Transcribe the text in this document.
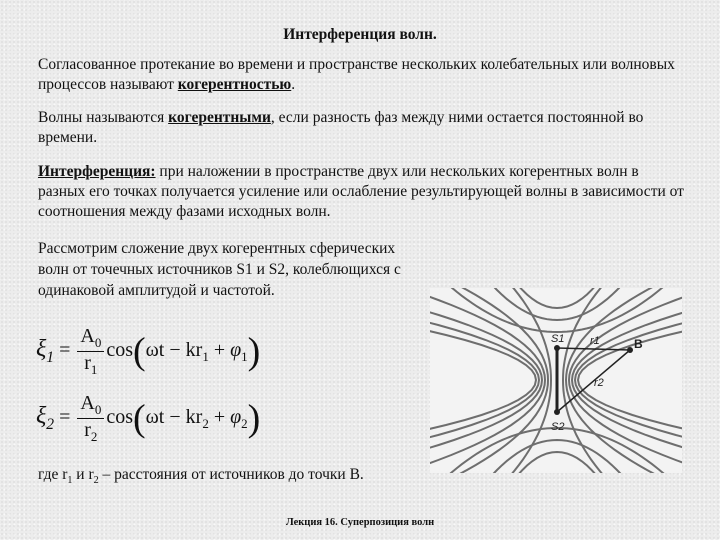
Интерференция волн.
Согласованное протекание во времени и пространстве нескольких колебательных или волновых процессов называют когерентностью.
Волны называются когерентными, если разность фаз между ними остается постоянной во времени.
Интерференция: при наложении в пространстве двух или нескольких когерентных волн в разных его точках получается усиление или ослабление результирующей волны в зависимости от соотношения между фазами исходных волн.
Рассмотрим сложение двух когерентных сферических волн от точечных источников S1 и S2, колеблющихся с одинаковой амплитудой и частотой.
$\xi_1 = \frac{A_0}{r_1} \cos(\omega t - kr_1 + \varphi_1)$
$\xi_2 = \frac{A_0}{r_2} \cos(\omega t - kr_2 + \varphi_2)$
где $r_1$ и $r_2$ – расстояния от источников до точки B.
S1
S2
r1
r2
B
Лекция 16. Суперпозиция волн
